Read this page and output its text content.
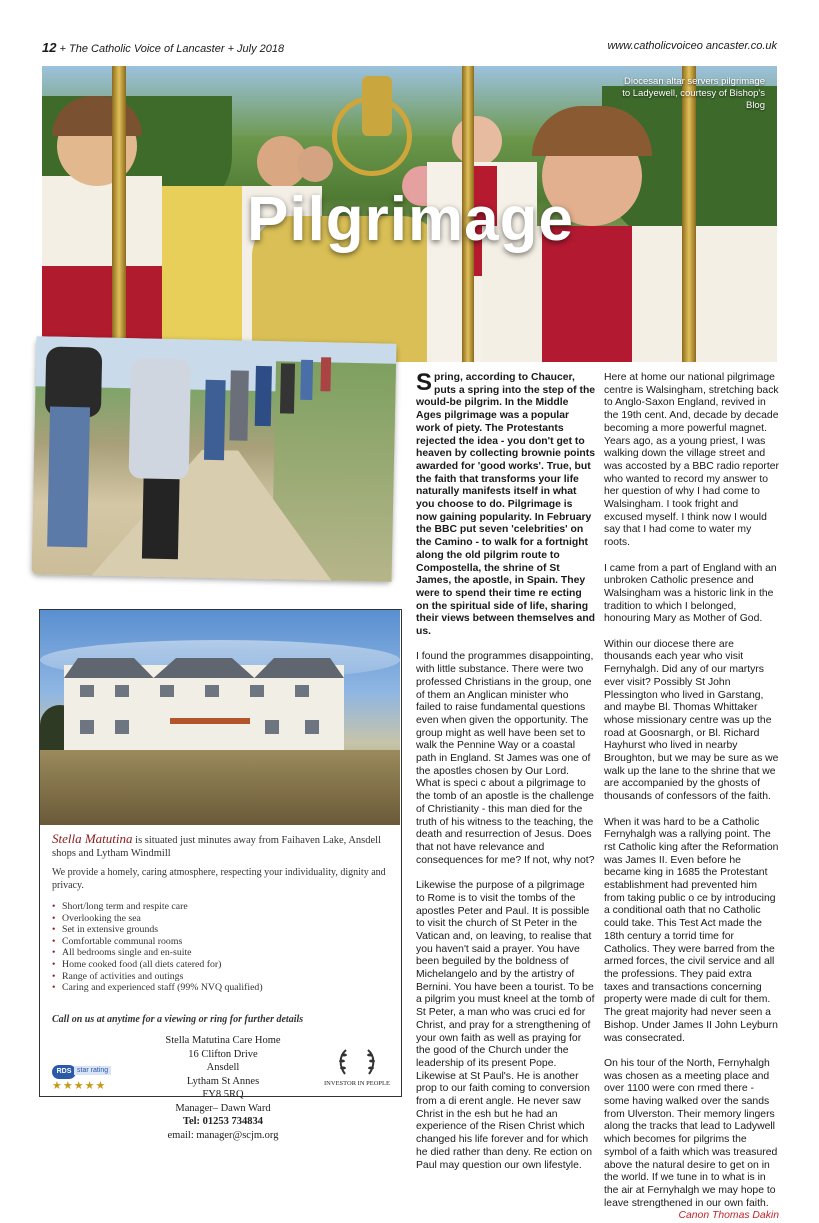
12 + The Catholic Voice of Lancaster + July 2018	www.catholicvoiceo ancaster.co.uk
Pilgrimage
Diocesan altar servers pilgrimage to Ladyewell, courtesy of Bishop's Blog
Stella Matutina is situated just minutes away from Faihaven Lake, Ansdell shops and Lytham Windmill
We provide a homely, caring atmosphere, respecting your individuality, dignity and privacy.
• Short/long term and respite care
• Overlooking the sea
• Set in extensive grounds
• Comfortable communal rooms
• All bedrooms single and en-suite
• Home cooked food (all diets catered for)
• Range of activities and outings
• Caring and experienced staff (99% NVQ qualified)
Call on us at anytime for a viewing or ring for further details
Stella Matutina Care Home
16 Clifton Drive
Ansdell
Lytham St Annes
FY8 5RQ
Manager– Dawn Ward
Tel: 01253 734834
email: manager@scjm.org
RDS star rating
★★★★★	INVESTOR IN PEOPLE

Spring, according to Chaucer, puts a spring into the step of the would-be pilgrim. In the Middle Ages pilgrimage was a popular work of piety. The Protestants rejected the idea - you don't get to heaven by collecting brownie points awarded for 'good works'. True, but the faith that transforms your life naturally manifests itself in what you choose to do. Pilgrimage is now gaining popularity. In February the BBC put seven 'celebrities' on the Camino - to walk for a fortnight along the old pilgrim route to Compostella, the shrine of St James, the apostle, in Spain. They were to spend their time re ecting on the spiritual side of life, sharing their views between themselves and us.

I found the programmes disappointing, with little substance. There were two professed Christians in the group, one of them an Anglican minister who failed to raise fundamental questions even when given the opportunity. The group might as well have been set to walk the Pennine Way or a coastal path in England. St James was one of the apostles chosen by Our Lord. What is speci c about a pilgrimage to the tomb of an apostle is the challenge of Christianity - this man died for the truth of his witness to the teaching, the death and resurrection of Jesus. Does that not have relevance and consequences for me? If not, why not?

Likewise the purpose of a pilgrimage to Rome is to visit the tombs of the apostles Peter and Paul. It is possible to visit the church of St Peter in the Vatican and, on leaving, to realise that you haven't said a prayer. You have been beguiled by the boldness of Michelangelo and by the artistry of Bernini. You have been a tourist. To be a pilgrim you must kneel at the tomb of St Peter, a man who was cruci ed for Christ, and pray for a strengthening of your own faith as well as praying for the good of the Church under the leadership of its present Pope. Likewise at St Paul's. He is another prop to our faith coming to conversion from a di erent angle. He never saw Christ in the esh but he had an experience of the Risen Christ which changed his life forever and for which he died rather than deny. Re ection on Paul may question our own lifestyle.

Here at home our national pilgrimage centre is Walsingham, stretching back to Anglo-Saxon England, revived in the 19th cent. And, decade by decade becoming a more powerful magnet. Years ago, as a young priest, I was walking down the village street and was accosted by a BBC radio reporter who wanted to record my answer to her question of why I had come to Walsingham. I took fright and excused myself. I think now I would say that I had come to water my roots.

I came from a part of England with an unbroken Catholic presence and Walsingham was a historic link in the tradition to which I belonged, honouring Mary as Mother of God.

Within our diocese there are thousands each year who visit Fernyhalgh. Did any of our martyrs ever visit? Possibly St John Plessington who lived in Garstang, and maybe Bl. Thomas Whittaker whose missionary centre was up the road at Goosnargh, or Bl. Richard Hayhurst who lived in nearby Broughton, but we may be sure as we walk up the lane to the shrine that we are accompanied by the ghosts of thousands of confessors of the faith.

When it was hard to be a Catholic Fernyhalgh was a rallying point. The rst Catholic king after the Reformation was James II. Even before he became king in 1685 the Protestant establishment had prevented him from taking public o ce by introducing a conditional oath that no Catholic could take. This Test Act made the 18th century a torrid time for Catholics. They were barred from the armed forces, the civil service and all the professions. They paid extra taxes and transactions concerning property were made di cult for them. The great majority had never seen a Bishop. Under James II John Leyburn was consecrated.

On his tour of the North, Fernyhalgh was chosen as a meeting place and over 1100 were con rmed there - some having walked over the sands from Ulverston. Their memory lingers along the tracks that lead to Ladywell which becomes for pilgrims the symbol of a faith which was treasured above the natural desire to get on in the world. If we tune in to what is in the air at Fernyhalgh we may hope to leave strengthened in our own faith.

Canon Thomas Dakin
